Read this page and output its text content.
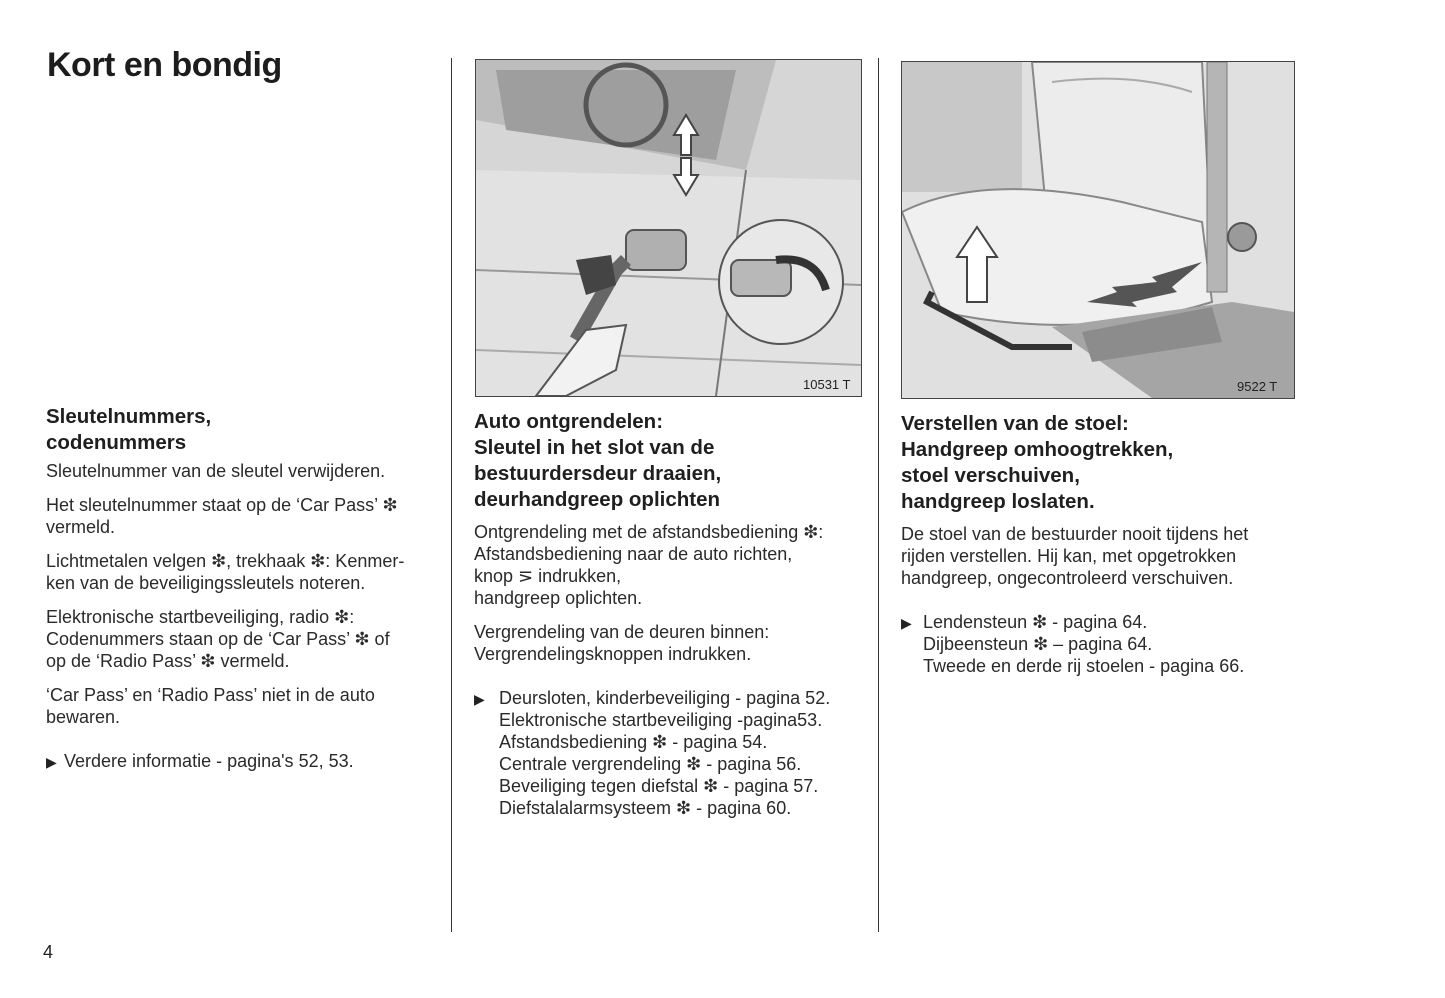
Kort en bondig
Sleutelnummers,
codenummers
Sleutelnummer van de sleutel verwijderen.
Het sleutelnummer staat op de ‘Car Pass’ ❇
vermeld.
Lichtmetalen velgen ❇, trekhaak ❇: Kenmer-
ken van de beveiligingssleutels noteren.
Elektronische startbeveiliging, radio ❇:
Codenummers staan op de ‘Car Pass’ ❇ of
op de ‘Radio Pass’ ❇ vermeld.
‘Car Pass’ en ‘Radio Pass’ niet in de auto
bewaren.
▶ Verdere informatie - pagina's 52, 53.
10531 T
Auto ontgrendelen:
Sleutel in het slot van de
bestuurdersdeur draaien,
deurhandgreep oplichten
Ontgrendeling met de afstandsbediening ❇:
Afstandsbediening naar de auto richten,
knop ⋝ indrukken,
handgreep oplichten.
Vergrendeling van de deuren binnen:
Vergrendelingsknoppen indrukken.
▶ Deursloten, kinderbeveiliging - pagina 52.
Elektronische startbeveiliging -pagina53.
Afstandsbediening ❇ - pagina 54.
Centrale vergrendeling ❇ - pagina 56.
Beveiliging tegen diefstal ❇ - pagina 57.
Diefstalalarmsysteem ❇ - pagina 60.
9522 T
Verstellen van de stoel:
Handgreep omhoogtrekken,
stoel verschuiven,
handgreep loslaten.
De stoel van de bestuurder nooit tijdens het
rijden verstellen. Hij kan, met opgetrokken
handgreep, ongecontroleerd verschuiven.
▶ Lendensteun ❇ - pagina 64.
Dijbeensteun ❇ – pagina 64.
Tweede en derde rij stoelen - pagina 66.
4
